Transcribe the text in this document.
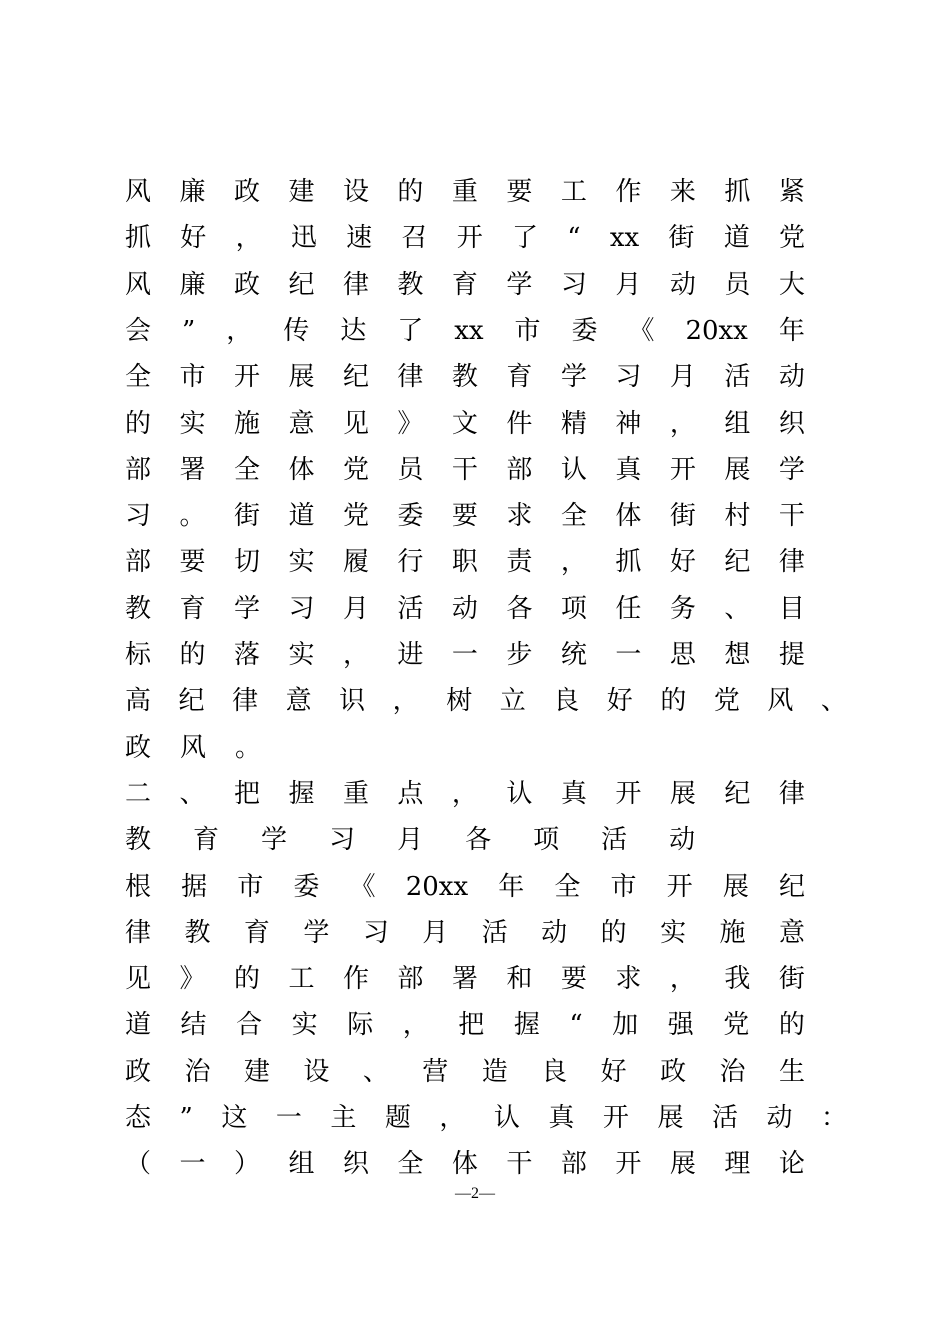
风 廉 政 建 设 的 重 要 工 作 来 抓 紧
抓 好 ， 迅 速 召 开 了 “ xx 街 道 党
风 廉 政 纪 律 教 育 学 习 月 动 员 大
会 ” ， 传 达 了 xx 市 委 《 20xx 年
全 市 开 展 纪 律 教 育 学 习 月 活 动
的 实 施 意 见 》 文 件 精 神 ， 组 织
部 署 全 体 党 员 干 部 认 真 开 展 学
习 。 街 道 党 委 要 求 全 体 街 村 干
部 要 切 实 履 行 职 责 ， 抓 好 纪 律
教 育 学 习 月 活 动 各 项 任 务 、 目
标 的 落 实 ， 进 一 步 统 一 思 想 提
高 纪 律 意 识 ， 树 立 良 好 的 党 风 、
政 风 。
二 、 把 握 重 点 ， 认 真 开 展 纪 律
教 育 学 习 月 各 项 活 动
根 据 市 委 《 20xx 年 全 市 开 展 纪
律 教 育 学 习 月 活 动 的 实 施 意
见 》 的 工 作 部 署 和 要 求 ， 我 街
道 结 合 实 际 ， 把 握 “ 加 强 党 的
政 治 建 设 、 营 造 良 好 政 治 生
态 ” 这 一 主 题 ， 认 真 开 展 活 动 ：
（ 一 ） 组 织 全 体 干 部 开 展 理 论
—2—
